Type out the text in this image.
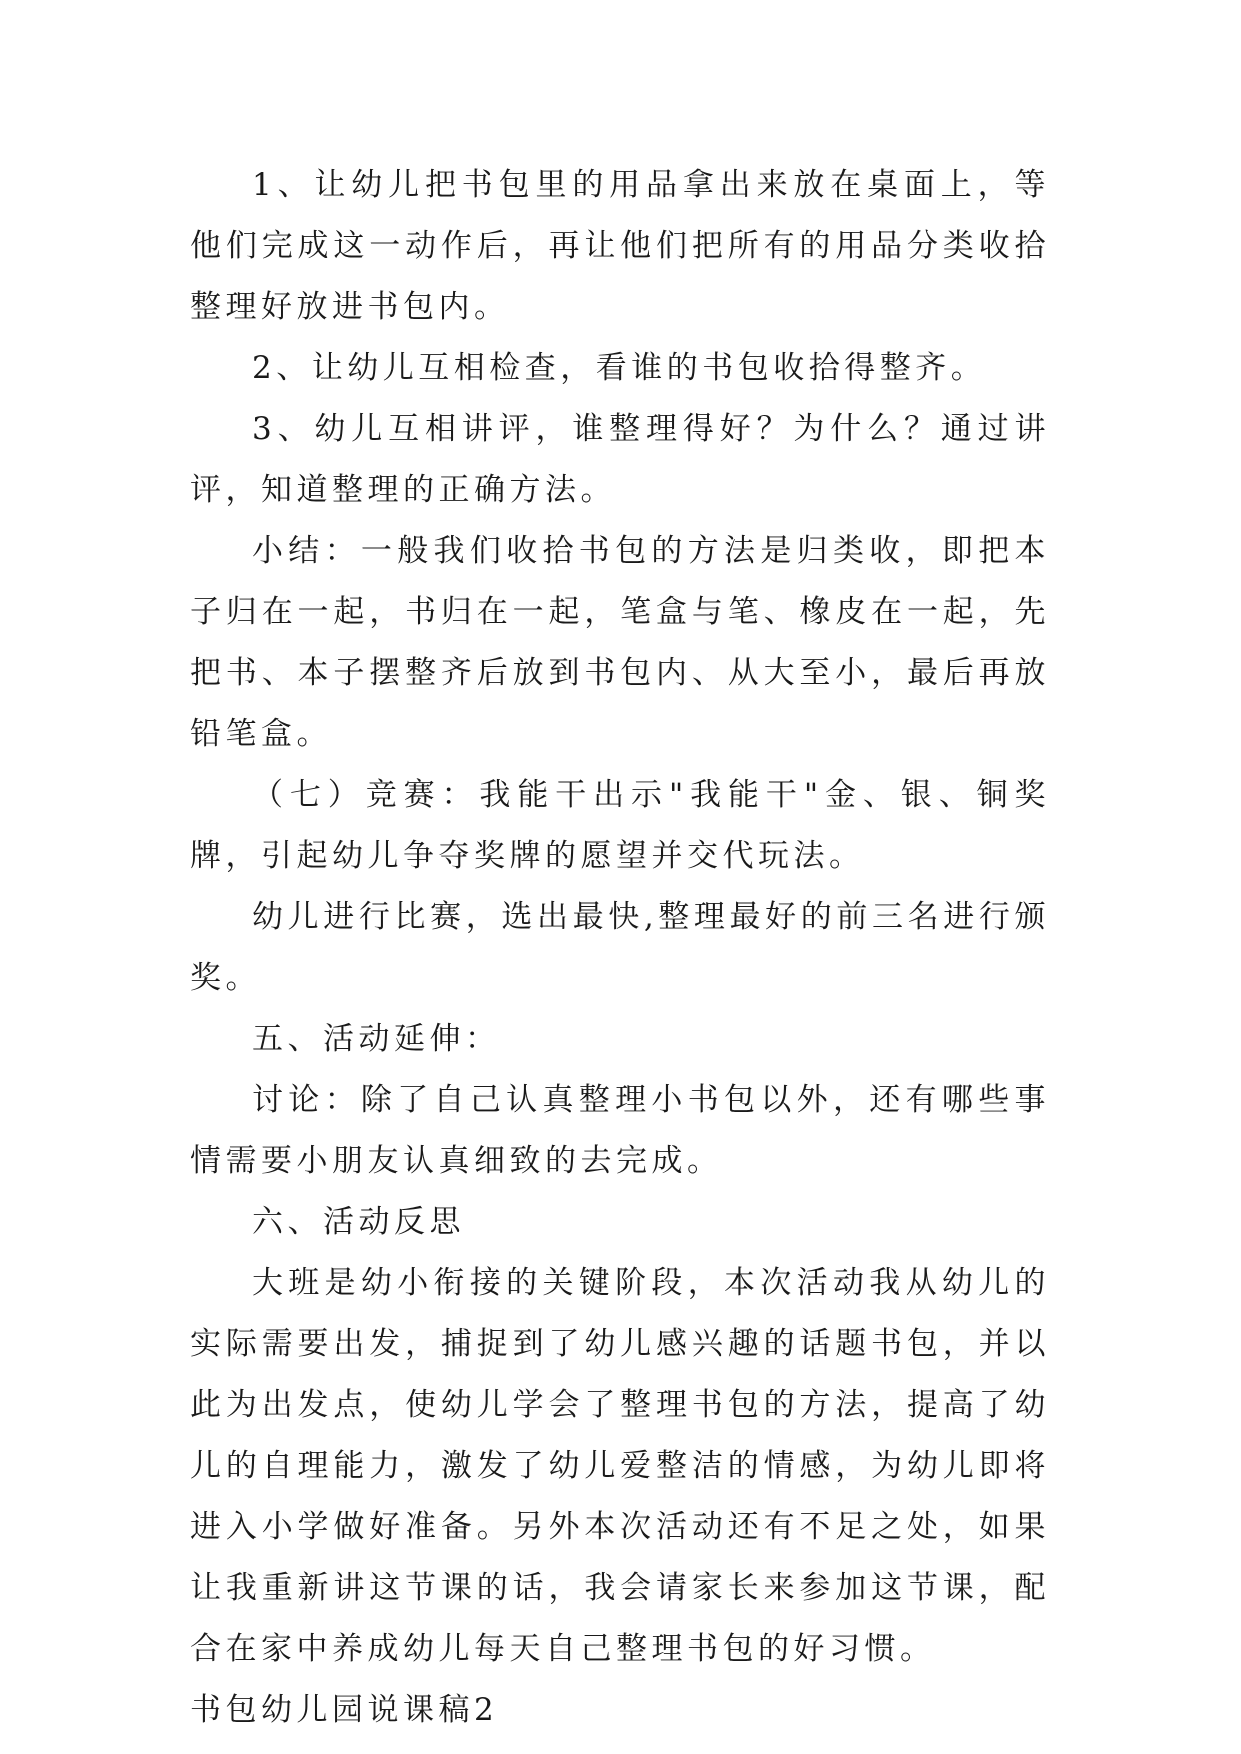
1、让幼儿把书包里的用品拿出来放在桌面上，等他们完成这一动作后，再让他们把所有的用品分类收拾整理好放进书包内。

2、让幼儿互相检查，看谁的书包收拾得整齐。

3、幼儿互相讲评，谁整理得好？为什么？通过讲评，知道整理的正确方法。

小结：一般我们收拾书包的方法是归类收，即把本子归在一起，书归在一起，笔盒与笔、橡皮在一起，先把书、本子摆整齐后放到书包内、从大至小，最后再放铅笔盒。

（七）竞赛：我能干出示"我能干"金、银、铜奖牌，引起幼儿争夺奖牌的愿望并交代玩法。

幼儿进行比赛，选出最快,整理最好的前三名进行颁奖。

五、活动延伸：

讨论：除了自己认真整理小书包以外，还有哪些事情需要小朋友认真细致的去完成。

六、活动反思

大班是幼小衔接的关键阶段，本次活动我从幼儿的实际需要出发，捕捉到了幼儿感兴趣的话题书包，并以此为出发点，使幼儿学会了整理书包的方法，提高了幼儿的自理能力，激发了幼儿爱整洁的情感，为幼儿即将进入小学做好准备。另外本次活动还有不足之处，如果让我重新讲这节课的话，我会请家长来参加这节课，配合在家中养成幼儿每天自己整理书包的好习惯。

书包幼儿园说课稿2
